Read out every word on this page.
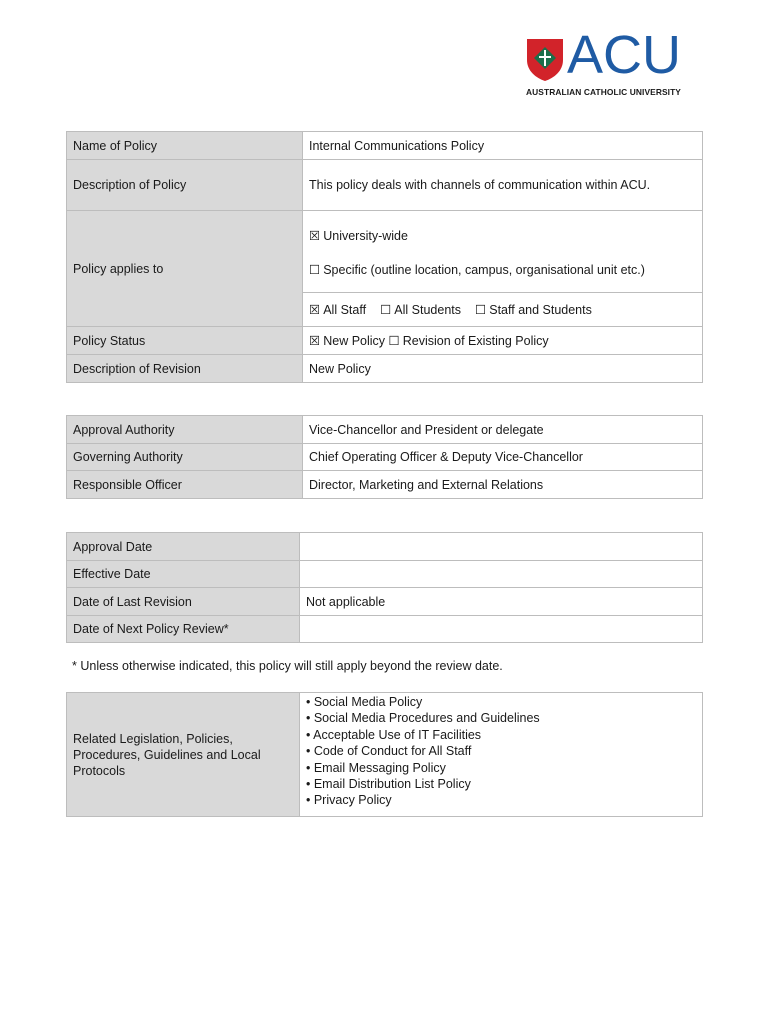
ACU
AUSTRALIAN CATHOLIC UNIVERSITY
Name of Policy	Internal Communications Policy
Description of Policy	This policy deals with channels of communication within ACU.
Policy applies to	☒ University-wide
☐ Specific (outline location, campus, organisational unit etc.)

	☒ All Staff ☐ All Students ☐ Staff and Students
Policy Status	☒ New Policy ☐ Revision of Existing Policy
Description of Revision	New Policy
Approval Authority	Vice-Chancellor and President or delegate
Governing Authority	Chief Operating Officer & Deputy Vice-Chancellor
Responsible Officer	Director, Marketing and External Relations
Approval Date	
Effective Date	
Date of Last Revision	Not applicable
Date of Next Policy Review*	
* Unless otherwise indicated, this policy will still apply beyond the review date.
Related Legislation, Policies, Procedures, Guidelines and Local Protocols	
• Social Media Policy
• Social Media Procedures and Guidelines
• Acceptable Use of IT Facilities
• Code of Conduct for All Staff
• Email Messaging Policy
• Email Distribution List Policy
• Privacy Policy
